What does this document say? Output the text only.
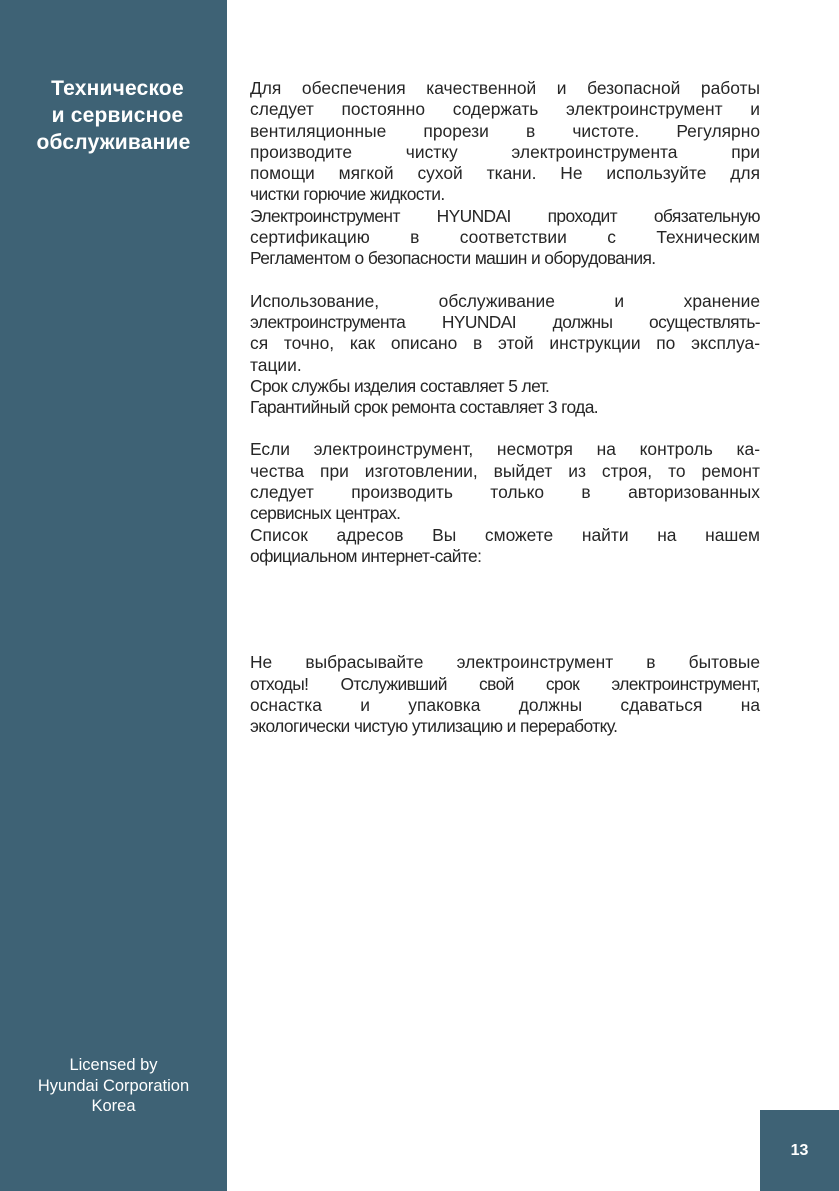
Техническое
и сервисное
обслуживание
Licensed by
Hyundai Corporation
Korea

Для обеспечения качественной и безопасной работы
следует постоянно содержать электроинструмент и
вентиляционные прорези в чистоте. Регулярно
производите чистку электроинструмента при
помощи мягкой сухой ткани. Не используйте для
чистки горючие жидкости.

Электроинструмент HYUNDAI проходит обязательную
сертификацию в соответствии с Техническим
Регламентом о безопасности машин и оборудования.

Использование, обслуживание и хранение
электроинструмента HYUNDAI должны осуществлять-
ся точно, как описано в этой инструкции по эксплуа-
тации.

Срок службы изделия составляет 5 лет.
Гарантийный срок ремонта составляет 3 года.

Если электроинструмент, несмотря на контроль ка-
чества при изготовлении, выйдет из строя, то ремонт
следует производить только в авторизованных
сервисных центрах.

Список адресов Вы сможете найти на нашем
официальном интернет-сайте:

Не выбрасывайте электроинструмент в бытовые
отходы! Отслуживший свой срок электроинструмент,
оснастка и упаковка должны сдаваться на
экологически чистую утилизацию и переработку.

13
